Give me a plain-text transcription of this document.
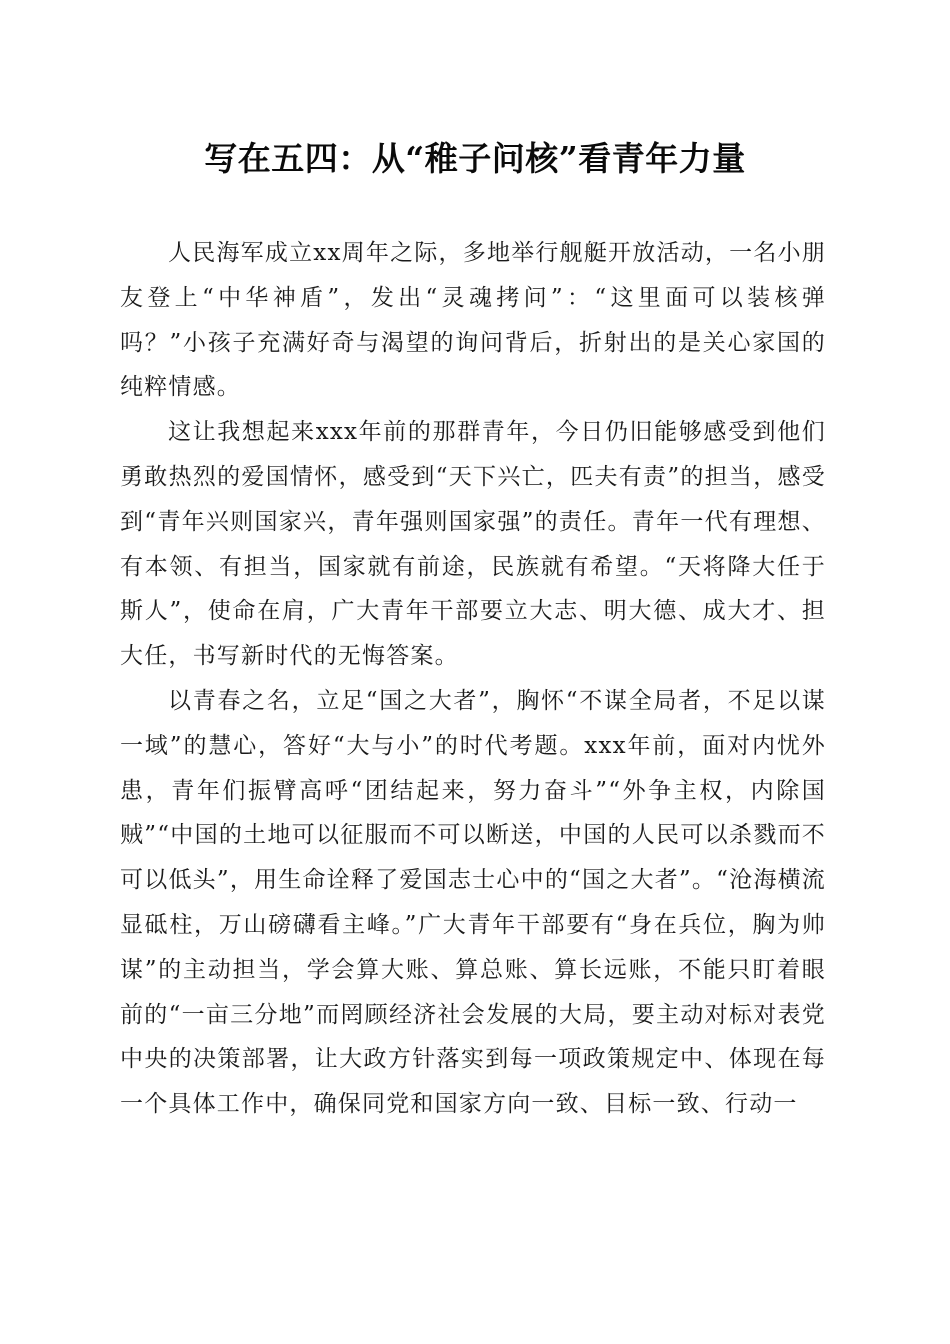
写在五四：从“稚子问核”看青年力量

人民海军成立xx周年之际，多地举行舰艇开放活动，一名小朋友登上“中华神盾”，发出“灵魂拷问”：“这里面可以装核弹吗？”小孩子充满好奇与渴望的询问背后，折射出的是关心家国的纯粹情感。

这让我想起来xxx年前的那群青年，今日仍旧能够感受到他们勇敢热烈的爱国情怀，感受到“天下兴亡，匹夫有责”的担当，感受到“青年兴则国家兴，青年强则国家强”的责任。青年一代有理想、有本领、有担当，国家就有前途，民族就有希望。“天将降大任于斯人”，使命在肩，广大青年干部要立大志、明大德、成大才、担大任，书写新时代的无悔答案。

以青春之名，立足“国之大者”，胸怀“不谋全局者，不足以谋一域”的慧心，答好“大与小”的时代考题。xxx年前，面对内忧外患，青年们振臂高呼“团结起来，努力奋斗”“外争主权，内除国贼”“中国的土地可以征服而不可以断送，中国的人民可以杀戮而不可以低头”，用生命诠释了爱国志士心中的“国之大者”。“沧海横流显砥柱，万山磅礴看主峰。”广大青年干部要有“身在兵位，胸为帅谋”的主动担当，学会算大账、算总账、算长远账，不能只盯着眼前的“一亩三分地”而罔顾经济社会发展的大局，要主动对标对表党中央的决策部署，让大政方针落实到每一项政策规定中、体现在每一个具体工作中，确保同党和国家方向一致、目标一致、行动一
